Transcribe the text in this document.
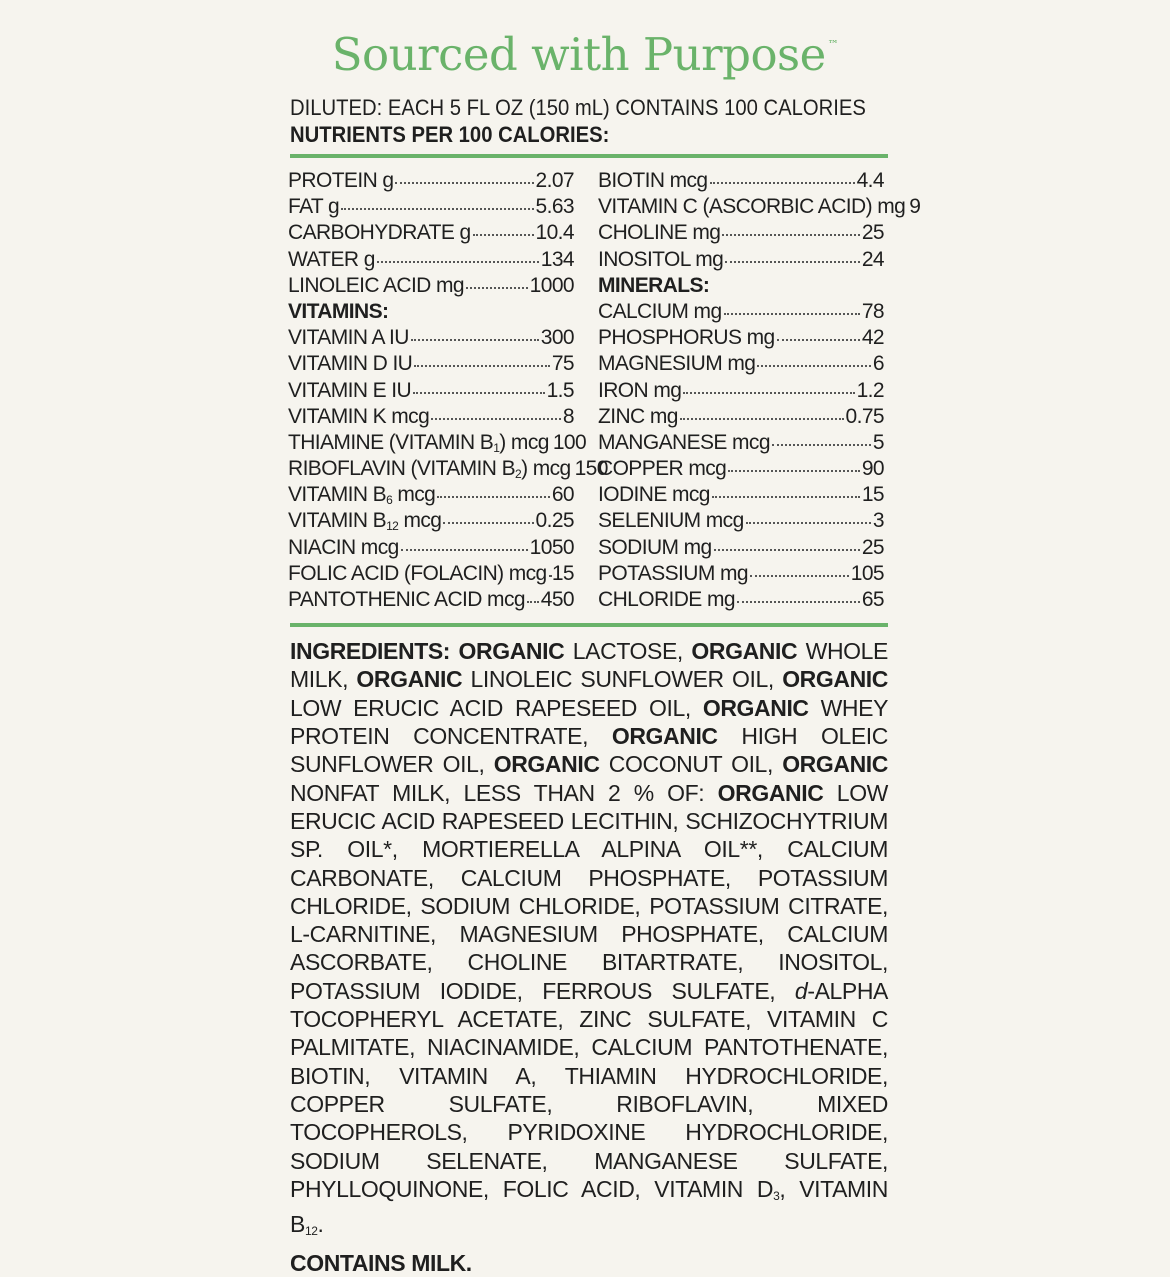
Sourced with Purpose ™
DILUTED: EACH 5 FL OZ (150 mL) CONTAINS 100 CALORIES
NUTRIENTS PER 100 CALORIES:
PROTEIN g	2.07
FAT g	5.63
CARBOHYDRATE g	10.4
WATER g	134
LINOLEIC ACID mg	1000
VITAMINS:
VITAMIN A IU	300
VITAMIN D IU	75
VITAMIN E IU	1.5
VITAMIN K mcg	8
THIAMINE (VITAMIN $B_1$) mcg 100
RIBOFLAVIN (VITAMIN $B_2$) mcg 150
VITAMIN $B_6$ mcg	60
VITAMIN $B_{12}$ mcg	0.25
NIACIN mcg	1050
FOLIC ACID (FOLACIN) mcg 15
PANTOTHENIC ACID mcg 450
BIOTIN mcg	4.4
VITAMIN C (ASCORBIC ACID) mg 9
CHOLINE mg	25
INOSITOL mg	24
MINERALS:
CALCIUM mg	78
PHOSPHORUS mg	42
MAGNESIUM mg	6
IRON mg	1.2
ZINC mg	0.75
MANGANESE mcg	5
COPPER mcg	90
IODINE mcg	15
SELENIUM mcg	3
SODIUM mg	25
POTASSIUM mg	105
CHLORIDE mg	65
INGREDIENTS: ORGANIC LACTOSE, ORGANIC WHOLE MILK, ORGANIC LINOLEIC SUNFLOWER OIL, ORGANIC LOW ERUCIC ACID RAPESEED OIL, ORGANIC WHEY PROTEIN CONCENTRATE, ORGANIC HIGH OLEIC SUNFLOWER OIL, ORGANIC COCONUT OIL, ORGANIC NONFAT MILK, LESS THAN 2 % OF: ORGANIC LOW ERUCIC ACID RAPESEED LECITHIN, SCHIZOCHYTRIUM SP. OIL*, MORTIERELLA ALPINA OIL**, CALCIUM CARBONATE, CALCIUM PHOSPHATE, POTASSIUM CHLORIDE, SODIUM CHLORIDE, POTASSIUM CITRATE, L-CARNITINE, MAGNESIUM PHOSPHATE, CALCIUM ASCORBATE, CHOLINE BITARTRATE, INOSITOL, POTASSIUM IODIDE, FERROUS SULFATE, d-ALPHA TOCOPHERYL ACETATE, ZINC SULFATE, VITAMIN C PALMITATE, NIACINAMIDE, CALCIUM PANTOTHENATE, BIOTIN, VITAMIN A, THIAMIN HYDROCHLORIDE, COPPER SULFATE, RIBOFLAVIN, MIXED TOCOPHEROLS, PYRIDOXINE HYDROCHLORIDE, SODIUM SELENATE, MANGANESE SULFATE, PHYLLOQUINONE, FOLIC ACID, VITAMIN $D_3$, VITAMIN $B_{12}$.
CONTAINS MILK.
